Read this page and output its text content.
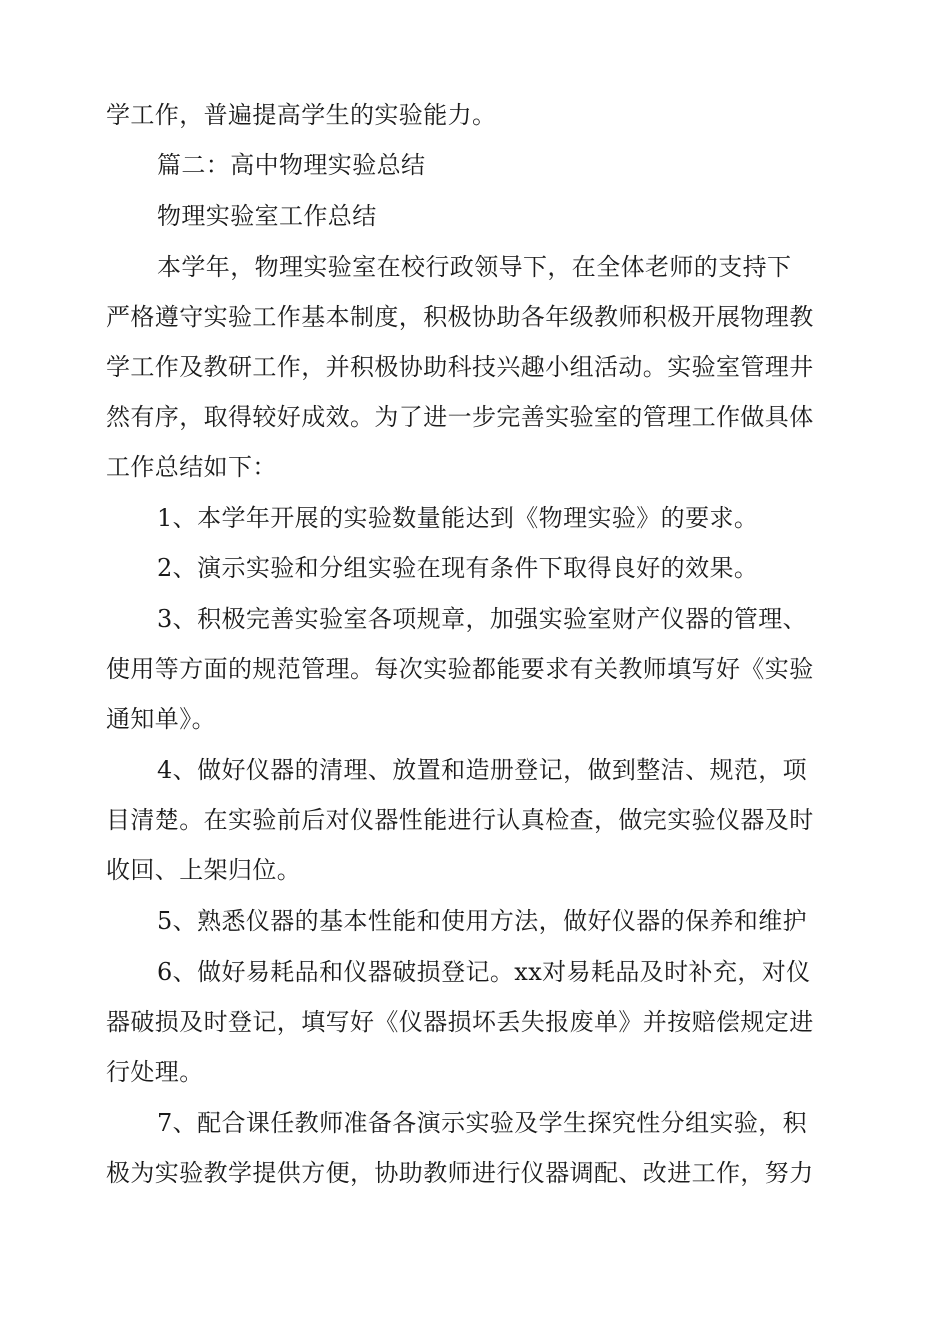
学工作，普遍提高学生的实验能力。
篇二：高中物理实验总结
物理实验室工作总结
本学年，物理实验室在校行政领导下，在全体老师的支持下
严格遵守实验工作基本制度，积极协助各年级教师积极开展物理教
学工作及教研工作，并积极协助科技兴趣小组活动。实验室管理井
然有序，取得较好成效。为了进一步完善实验室的管理工作做具体
工作总结如下：
1、本学年开展的实验数量能达到《物理实验》的要求。
2、演示实验和分组实验在现有条件下取得良好的效果。
3、积极完善实验室各项规章，加强实验室财产仪器的管理、
使用等方面的规范管理。每次实验都能要求有关教师填写好《实验
通知单》。
4、做好仪器的清理、放置和造册登记，做到整洁、规范，项
目清楚。在实验前后对仪器性能进行认真检查，做完实验仪器及时
收回、上架归位。
5、熟悉仪器的基本性能和使用方法，做好仪器的保养和维护
6、做好易耗品和仪器破损登记。xx对易耗品及时补充，对仪
器破损及时登记，填写好《仪器损坏丢失报废单》并按赔偿规定进
行处理。
7、配合课任教师准备各演示实验及学生探究性分组实验，积
极为实验教学提供方便，协助教师进行仪器调配、改进工作，努力
